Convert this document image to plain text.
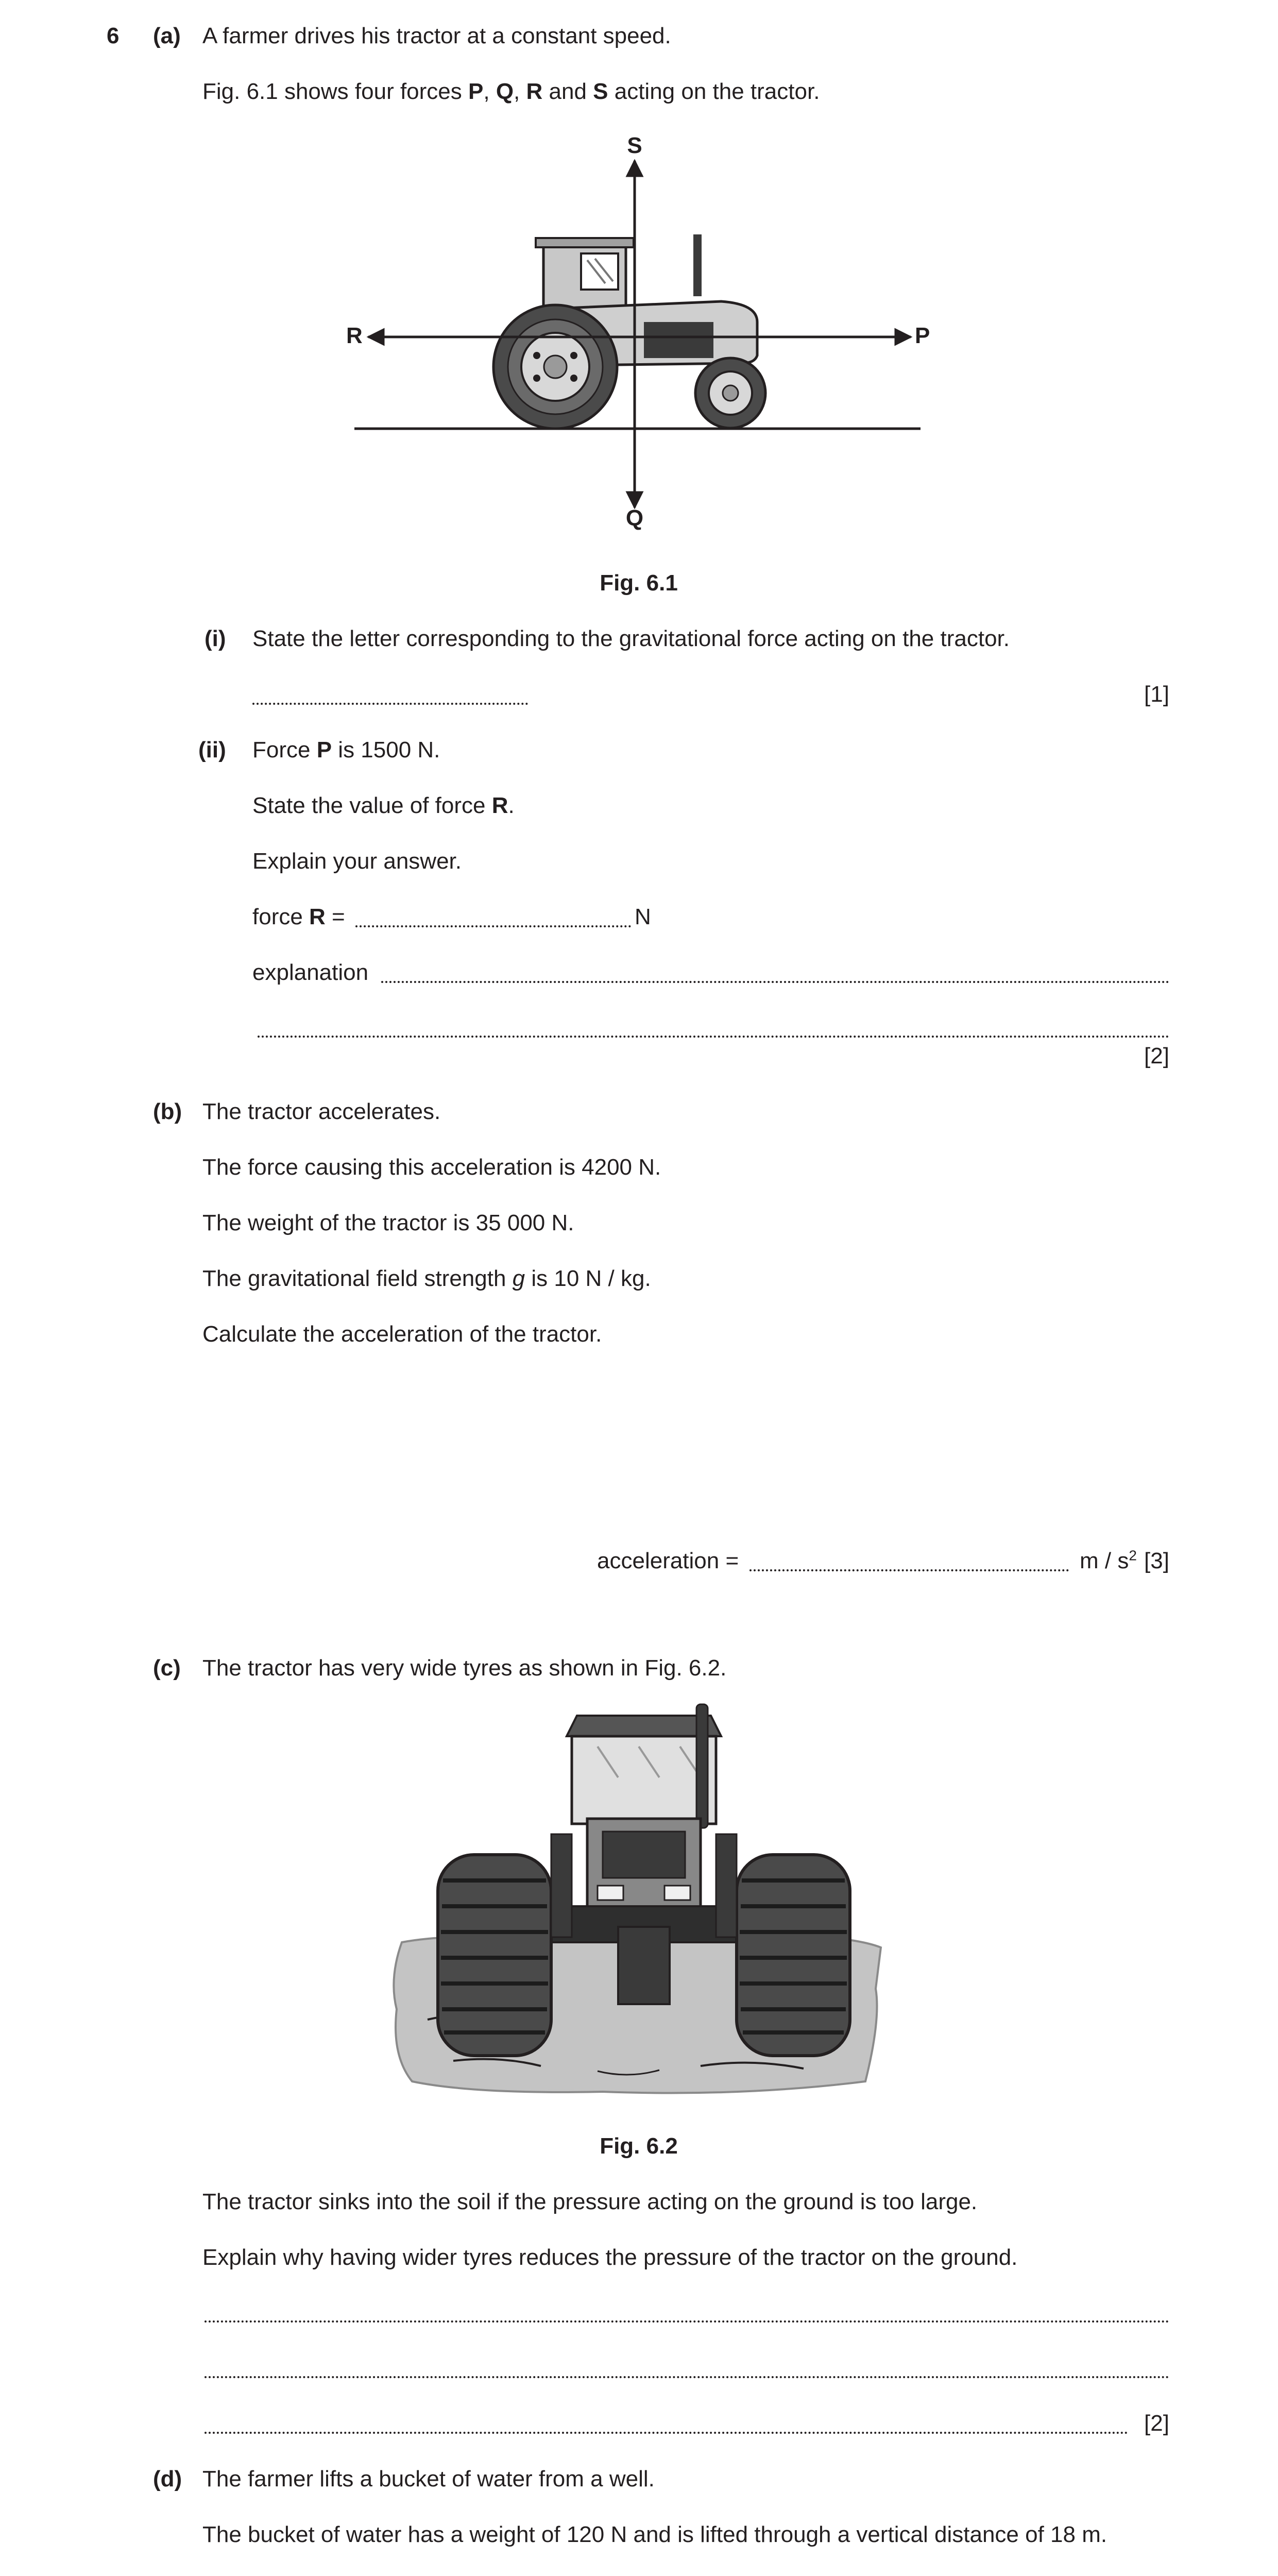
6 (a) A farmer drives his tractor at a constant speed.
Fig. 6.1 shows four forces P, Q, R and S acting on the tractor.
S
R	P
Q
Fig. 6.1
(i) State the letter corresponding to the gravitational force acting on the tractor.
[1]
(ii) Force P is 1500 N.
State the value of force R.
Explain your answer.
force R =	N
explanation
[2]
(b) The tractor accelerates.
The force causing this acceleration is 4200 N.
The weight of the tractor is 35 000 N.
The gravitational field strength g is 10 N / kg.
Calculate the acceleration of the tractor.
acceleration =	m / $s^2$ [3]
(c) The tractor has very wide tyres as shown in Fig. 6.2.
Fig. 6.2
The tractor sinks into the soil if the pressure acting on the ground is too large.
Explain why having wider tyres reduces the pressure of the tractor on the ground.
[2]
(d) The farmer lifts a bucket of water from a well.
The bucket of water has a weight of 120 N and is lifted through a vertical distance of 18 m.
